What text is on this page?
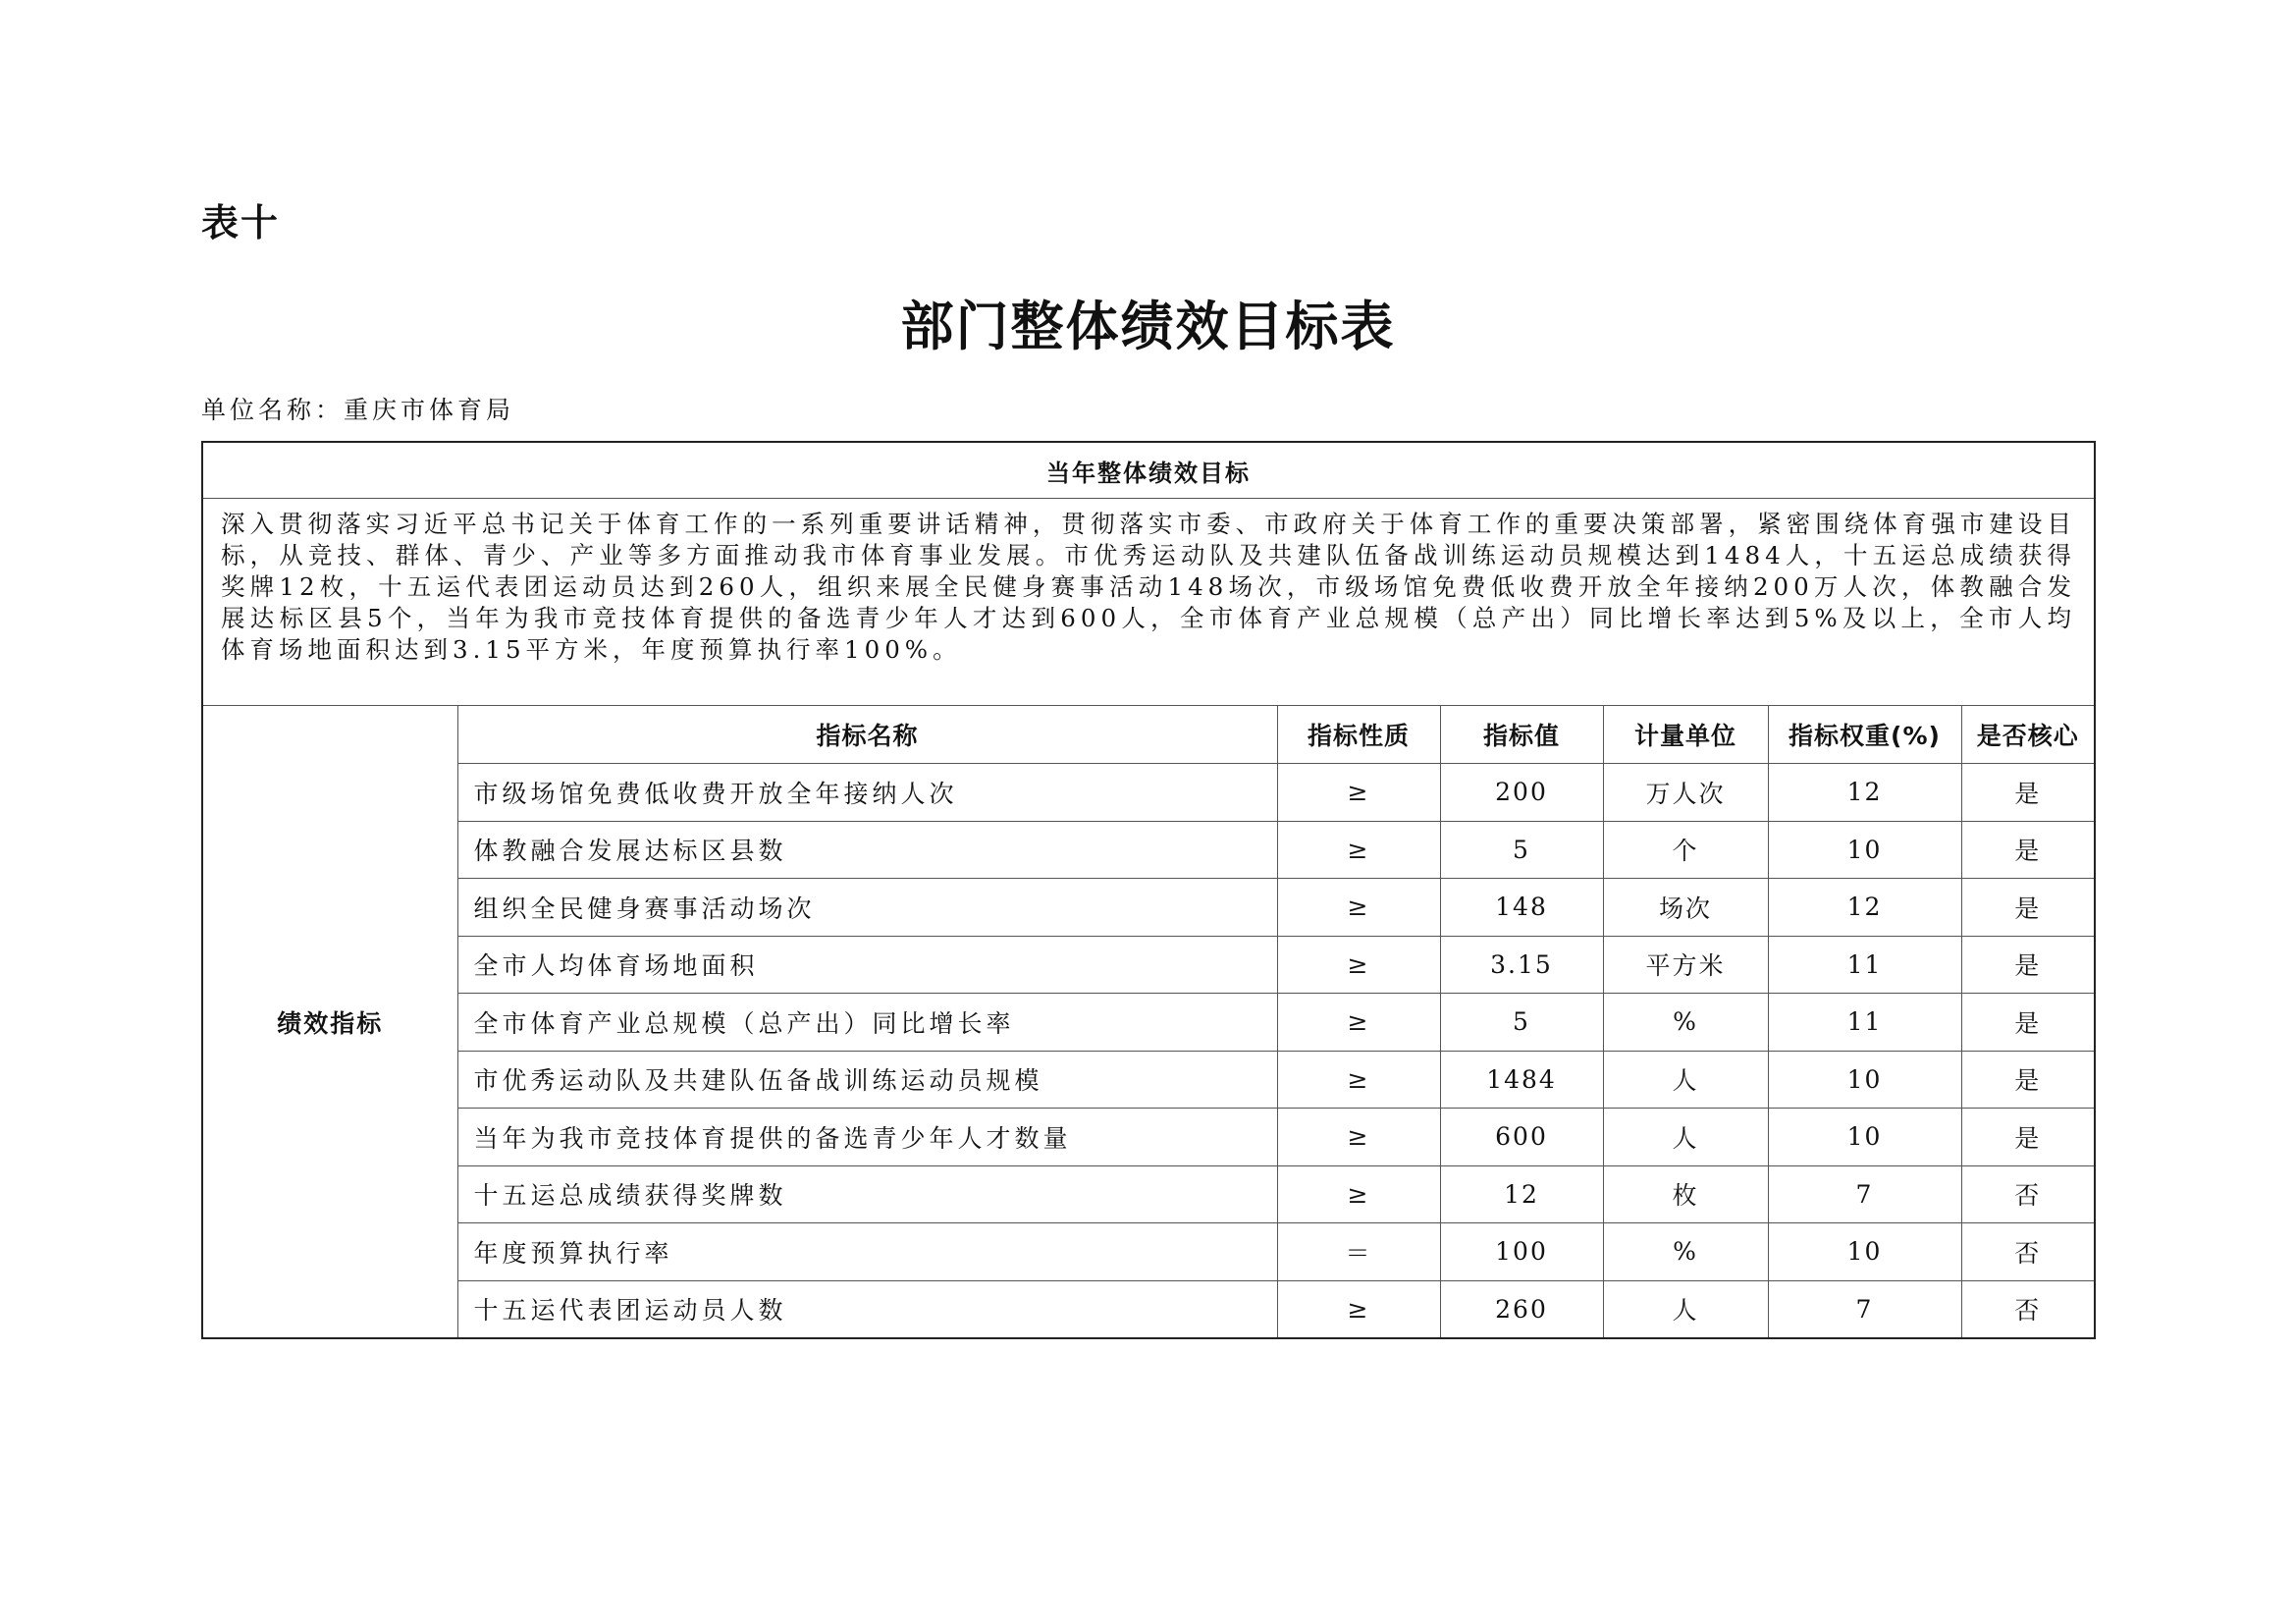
表十
部门整体绩效目标表
单位名称：重庆市体育局
当年整体绩效目标						
深入贯彻落实习近平总书记关于体育工作的一系列重要讲话精神，贯彻落实市委、市政府关于体育工作的重要决策部署，紧密围绕体育强市建设目标，从竞技、群体、青少、产业等多方面推动我市体育事业发展。市优秀运动队及共建队伍备战训练运动员规模达到1484人，十五运总成绩获得奖牌12枚，十五运代表团运动员达到260人，组织来展全民健身赛事活动148场次，市级场馆免费低收费开放全年接纳200万人次，体教融合发展达标区县5个，当年为我市竞技体育提供的备选青少年人才达到600人，全市体育产业总规模（总产出）同比增长率达到5%及以上，全市人均体育场地面积达到3.15平方米，年度预算执行率100%。						
绩效指标	指标名称	指标性质	指标值	计量单位	指标权重(%)	是否核心
	市级场馆免费低收费开放全年接纳人次	≥	200	万人次	12	是
	体教融合发展达标区县数	≥	5	个	10	是
	组织全民健身赛事活动场次	≥	148	场次	12	是
	全市人均体育场地面积	≥	3.15	平方米	11	是
	全市体育产业总规模（总产出）同比增长率	≥	5	%	11	是
	市优秀运动队及共建队伍备战训练运动员规模	≥	1484	人	10	是
	当年为我市竞技体育提供的备选青少年人才数量	≥	600	人	10	是
	十五运总成绩获得奖牌数	≥	12	枚	7	否
	年度预算执行率	＝	100	%	10	否
	十五运代表团运动员人数	≥	260	人	7	否
